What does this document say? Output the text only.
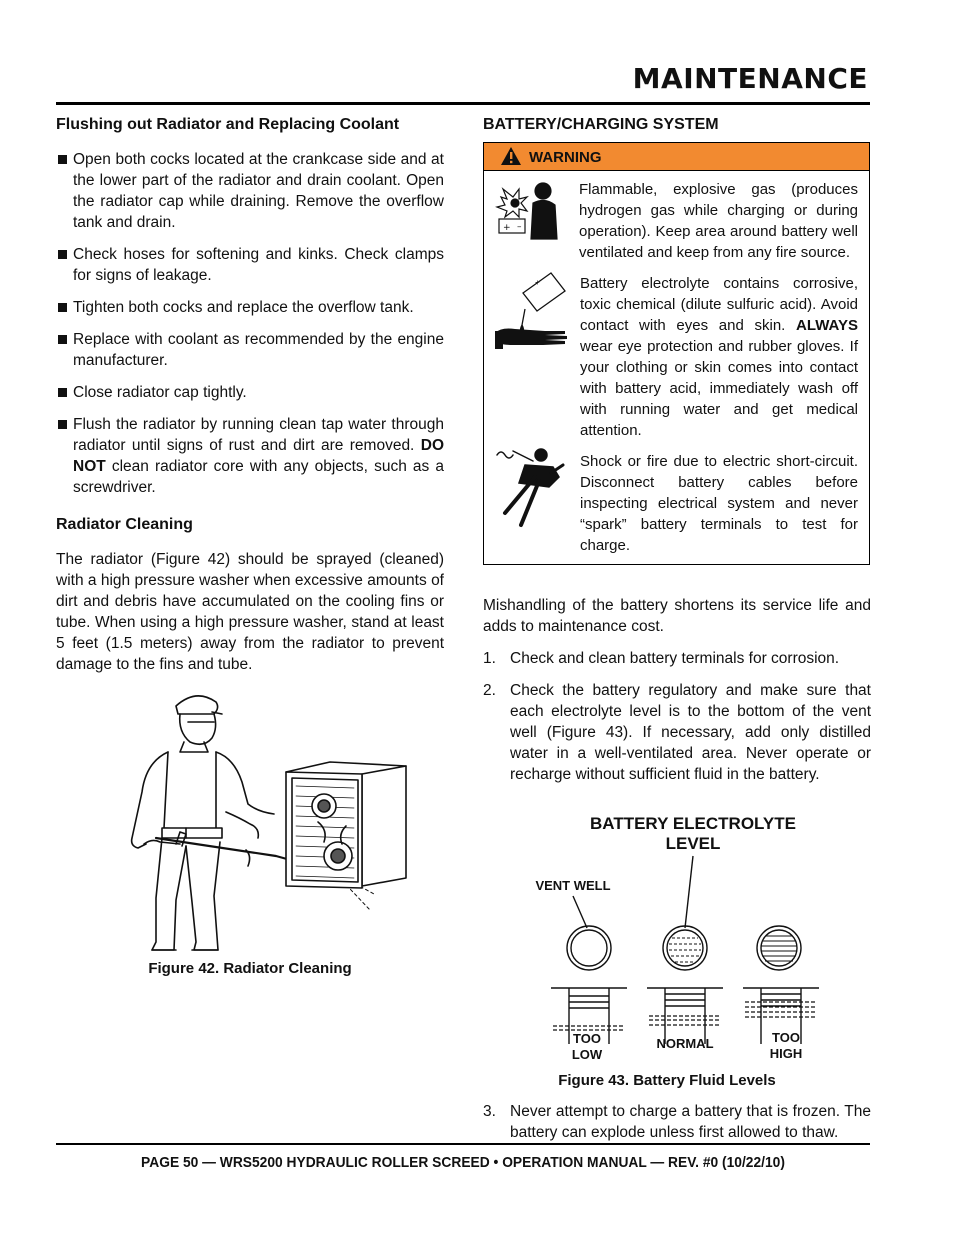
MAINTENANCE
Flushing out Radiator and Replacing Coolant
Open both cocks located at the crankcase side and at the lower part of the radiator and drain coolant. Open the radiator cap while draining. Remove the overflow tank and drain.
Check hoses for softening and kinks. Check clamps for signs of leakage.
Tighten both cocks and replace the overflow tank.
Replace with coolant as recommended by the engine manufacturer.
Close radiator cap tightly.
Flush the radiator by running clean tap water through radiator until signs of rust and dirt are removed. DO NOT clean radiator core with any objects, such as a screwdriver.
Radiator Cleaning

The radiator (Figure 42) should be sprayed (cleaned) with a high pressure washer when excessive amounts of dirt and debris have accumulated on the cooling fins or tube. When using a high pressure washer, stand at least 5 feet (1.5 meters) away from the radiator to prevent damage to the fins and tube.

Figure 42. Radiator Cleaning
BATTERY/CHARGING SYSTEM
WARNING
+ –
Flammable, explosive gas (produces hydrogen gas while charging or during operation). Keep area around battery well ventilated and keep from any fire source.
+	Battery electrolyte contains corrosive, toxic chemical (dilute sulfuric acid). Avoid contact with eyes and skin. ALWAYS wear eye protection and rubber gloves. If your clothing or skin comes into contact with battery acid, immediately wash off with running water and get medical attention.
Shock or fire due to electric short-circuit. Disconnect battery cables before inspecting electrical system and never “spark” battery terminals to test for charge.

Mishandling of the battery shortens its service life and adds to maintenance cost.

1. Check and clean battery terminals for corrosion.
2. Check the battery regulatory and make sure that each electrolyte level is to the bottom of the vent well (Figure 43). If necessary, add only distilled water in a well-ventilated area. Never operate or recharge without sufficient fluid in the battery.
BATTERY ELECTROLYTE
LEVEL
VENT WELL
TOO
LOW
NORMAL	TOO
HIGH
Figure 43. Battery Fluid Levels
3. Never attempt to charge a battery that is frozen. The battery can explode unless first allowed to thaw.
PAGE 50 — WRS5200 HYDRAULIC ROLLER SCREED • OPERATION MANUAL — REV. #0 (10/22/10)
